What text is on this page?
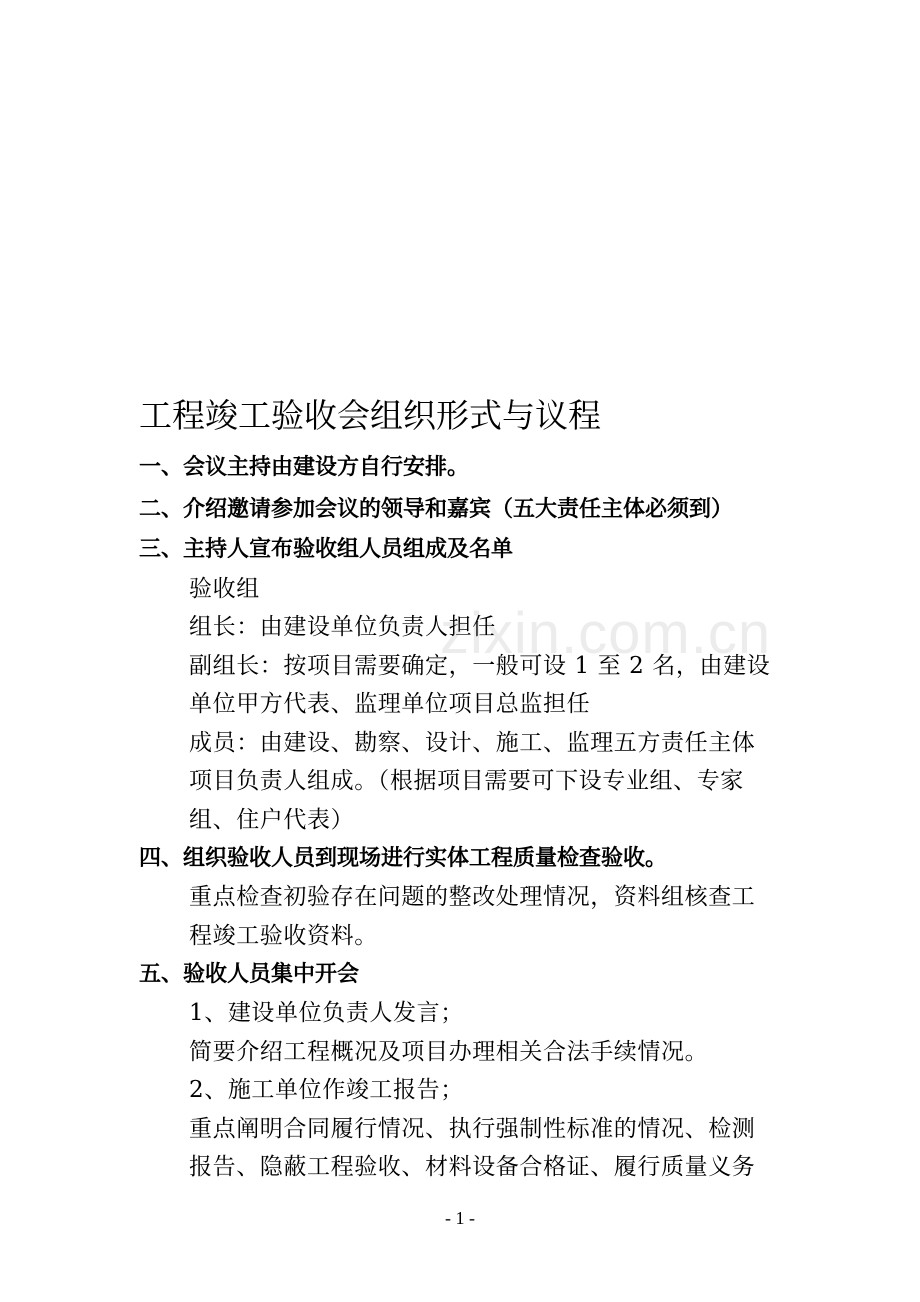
工程竣工验收会组织形式与议程
一、会议主持由建设方自行安排。
二、介绍邀请参加会议的领导和嘉宾（五大责任主体必须到）
三、主持人宣布验收组人员组成及名单
验收组
组长：由建设单位负责人担任
副组长：按项目需要确定，一般可设 1 至 2 名，由建设
单位甲方代表、监理单位项目总监担任
成员：由建设、勘察、设计、施工、监理五方责任主体
项目负责人组成。（根据项目需要可下设专业组、专家
组、住户代表）
四、组织验收人员到现场进行实体工程质量检查验收。
重点检查初验存在问题的整改处理情况，资料组核查工
程竣工验收资料。
五、验收人员集中开会
1、建设单位负责人发言；
简要介绍工程概况及项目办理相关合法手续情况。
2、施工单位作竣工报告；
重点阐明合同履行情况、执行强制性标准的情况、检测
报告、隐蔽工程验收、材料设备合格证、履行质量义务
zixin.com.cn
- 1 -
